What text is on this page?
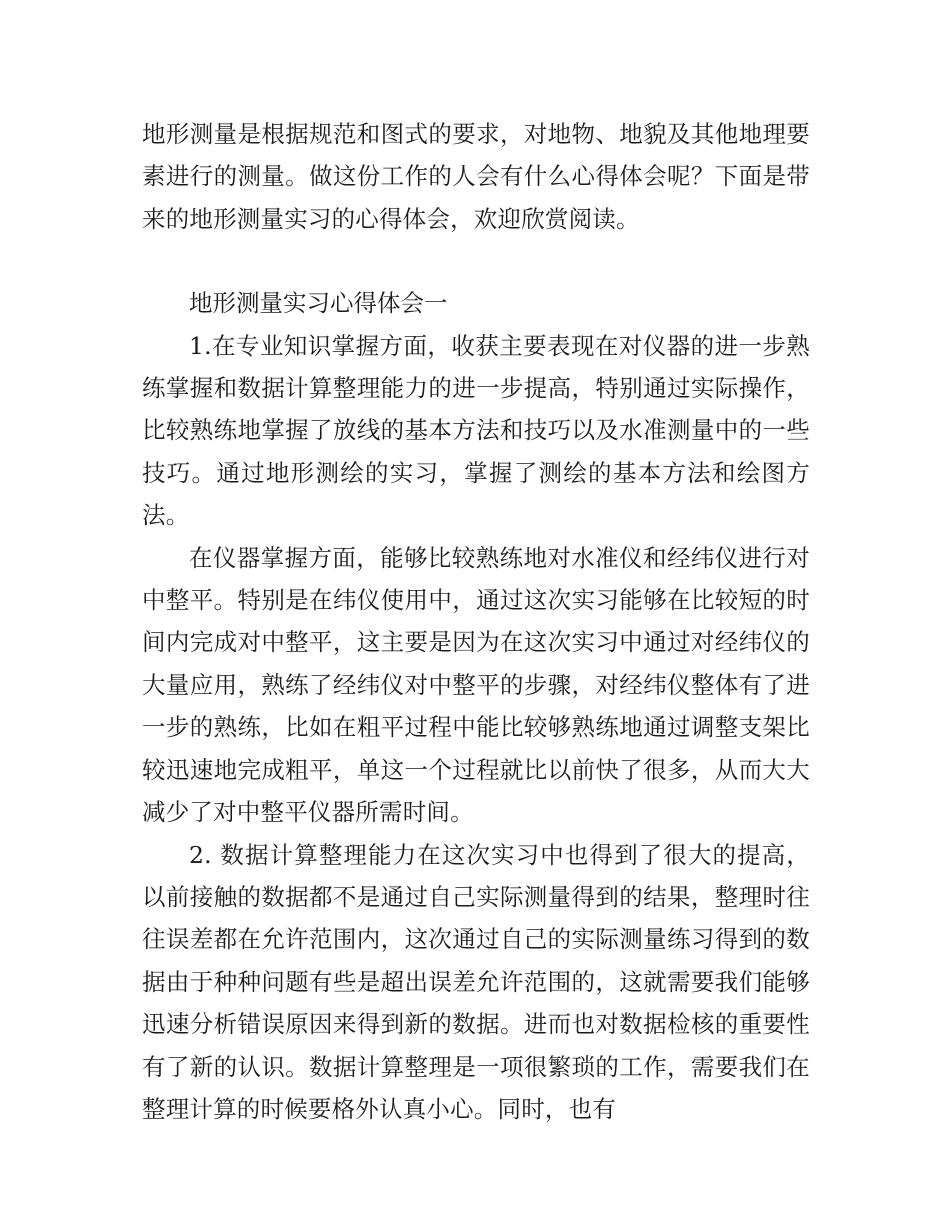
地形测量是根据规范和图式的要求，对地物、地貌及其他地理要素进行的测量。做这份工作的人会有什么心得体会呢？下面是带来的地形测量实习的心得体会，欢迎欣赏阅读。

地形测量实习心得体会一

1.在专业知识掌握方面，收获主要表现在对仪器的进一步熟练掌握和数据计算整理能力的进一步提高，特别通过实际操作，比较熟练地掌握了放线的基本方法和技巧以及水准测量中的一些技巧。通过地形测绘的实习，掌握了测绘的基本方法和绘图方法。

在仪器掌握方面，能够比较熟练地对水准仪和经纬仪进行对中整平。特别是在纬仪使用中，通过这次实习能够在比较短的时间内完成对中整平，这主要是因为在这次实习中通过对经纬仪的大量应用，熟练了经纬仪对中整平的步骤，对经纬仪整体有了进一步的熟练，比如在粗平过程中能比较够熟练地通过调整支架比较迅速地完成粗平，单这一个过程就比以前快了很多，从而大大减少了对中整平仪器所需时间。

2. 数据计算整理能力在这次实习中也得到了很大的提高，以前接触的数据都不是通过自己实际测量得到的结果，整理时往往误差都在允许范围内，这次通过自己的实际测量练习得到的数据由于种种问题有些是超出误差允许范围的，这就需要我们能够迅速分析错误原因来得到新的数据。进而也对数据检核的重要性有了新的认识。数据计算整理是一项很繁琐的工作，需要我们在整理计算的时候要格外认真小心。同时，也有
